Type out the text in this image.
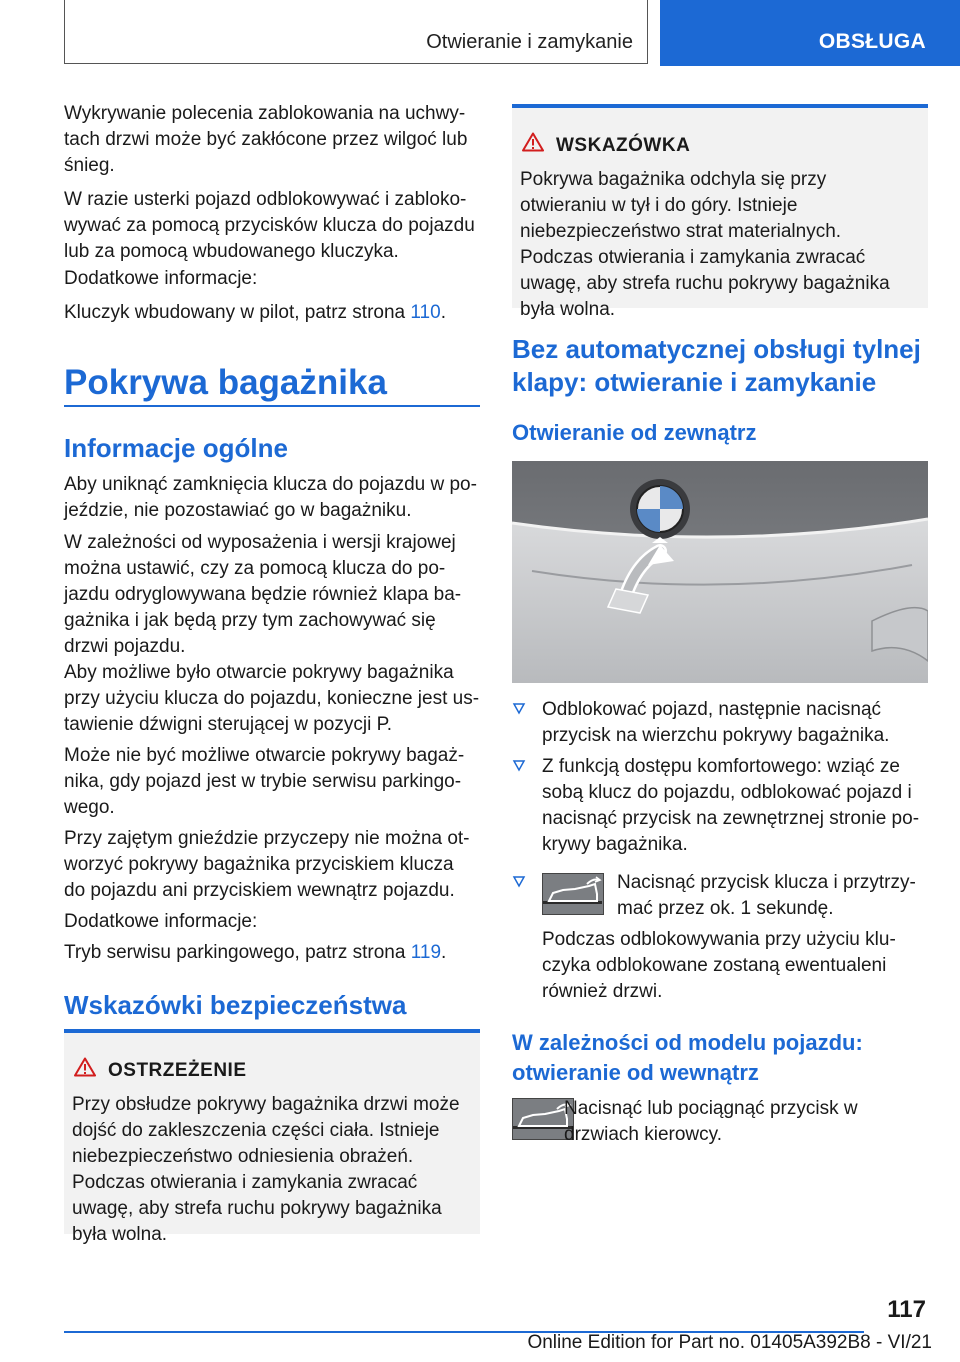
Otwieranie i zamykanie	OBSŁUGA

Wykrywanie polecenia zablokowania na uchwytach drzwi może być zakłócone przez wilgoć lub śnieg.

W razie usterki pojazd odblokowywać i zablokowywać za pomocą przycisków klucza do pojazdu lub za pomocą wbudowanego kluczyka.

Dodatkowe informacje:

Kluczyk wbudowany w pilot, patrz strona 110.

Pokrywa bagażnika
Informacje ogólne

Aby uniknąć zamknięcia klucza do pojazdu w pojeździe, nie pozostawiać go w bagażniku.

W zależności od wyposażenia i wersji krajowej można ustawić, czy za pomocą klucza do pojazdu odryglowywana będzie również klapa bagażnika i jak będą przy tym zachowywać się drzwi pojazdu.

Aby możliwe było otwarcie pokrywy bagażnika przy użyciu klucza do pojazdu, konieczne jest ustawienie dźwigni sterującej w pozycji P.

Może nie być możliwe otwarcie pokrywy bagażnika, gdy pojazd jest w trybie serwisu parkingowego.

Przy zajętym gnieździe przyczepy nie można otworzyć pokrywy bagażnika przyciskiem klucza do pojazdu ani przyciskiem wewnątrz pojazdu.

Dodatkowe informacje:

Tryb serwisu parkingowego, patrz strona 119.

Wskazówki bezpieczeństwa
OSTRZEŻENIE

Przy obsłudze pokrywy bagażnika drzwi może dojść do zakleszczenia części ciała. Istnieje niebezpieczeństwo odniesienia obrażeń. Podczas otwierania i zamykania zwracać uwagę, aby strefa ruchu pokrywy bagażnika była wolna.

WSKAZÓWKA

Pokrywa bagażnika odchyla się przy otwieraniu w tył i do góry. Istnieje niebezpieczeństwo strat materialnych. Podczas otwierania i zamykania zwracać uwagę, aby strefa ruchu pokrywy bagażnika była wolna.

Bez automatycznej obsługi tylnej klapy: otwieranie i zamykanie
Otwieranie od zewnątrz

Odblokować pojazd, następnie nacisnąć przycisk na wierzchu pokrywy bagażnika.

Z funkcją dostępu komfortowego: wziąć ze sobą klucz do pojazdu, odblokować pojazd i nacisnąć przycisk na zewnętrznej stronie pokrywy bagażnika.

Nacisnąć przycisk klucza i przytrzymać przez ok. 1 sekundę.

Podczas odblokowywania przy użyciu kluczyka odblokowane zostaną ewentualeni również drzwi.

W zależności od modelu pojazdu: otwieranie od wewnątrz

Nacisnąć lub pociągnąć przycisk w drzwiach kierowcy.

117
Online Edition for Part no. 01405A392B8 - VI/21
